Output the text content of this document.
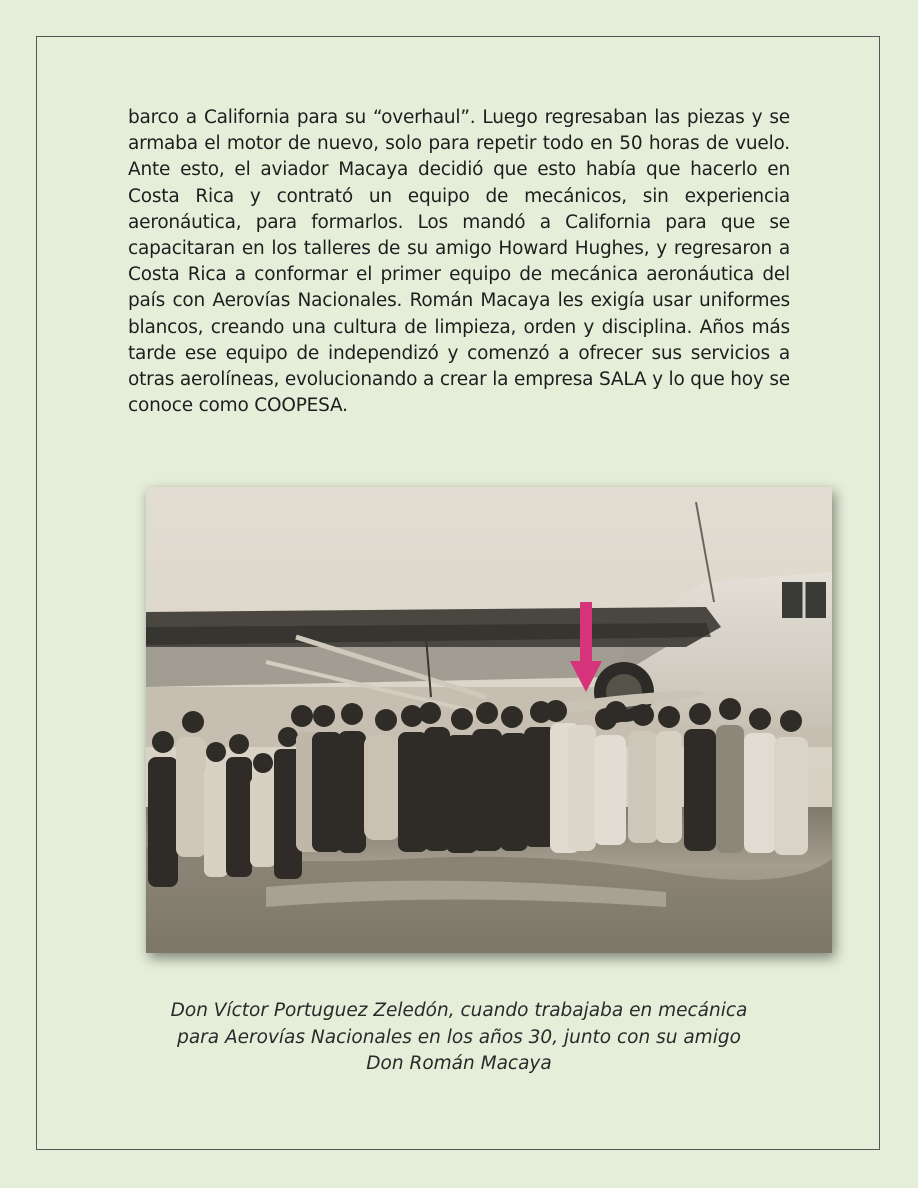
barco a California para su “overhaul”. Luego regresaban las piezas y se armaba el motor de nuevo, solo para repetir todo en 50 horas de vuelo. Ante esto, el aviador Macaya decidió que esto había que hacerlo en Costa Rica y contrató un equipo de mecánicos, sin experiencia aeronáutica, para formarlos. Los mandó a California para que se capacitaran en los talleres de su amigo Howard Hughes, y regresaron a Costa Rica a conformar el primer equipo de mecánica aeronáutica del país con Aerovías Nacionales. Román Macaya les exigía usar uniformes blancos, creando una cultura de limpieza, orden y disciplina. Años más tarde ese equipo de independizó y comenzó a ofrecer sus servicios a otras aerolíneas, evolucionando a crear la empresa SALA y lo que hoy se conoce como COOPESA.

Don Víctor Portuguez Zeledón, cuando trabajaba en mecánica
para Aerovías Nacionales en los años 30, junto con su amigo
Don Román Macaya
